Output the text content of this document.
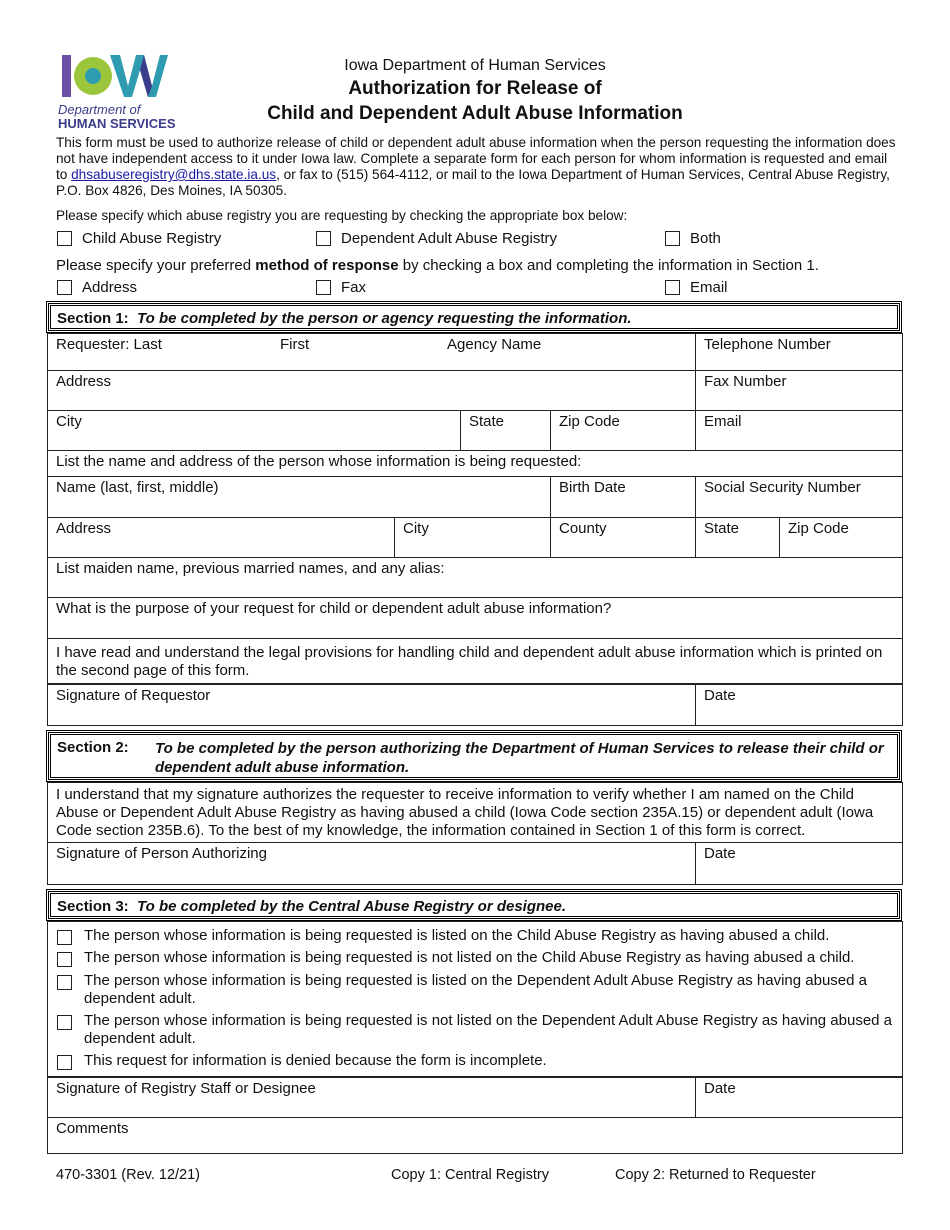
Department of
HUMAN SERVICES
Iowa Department of Human Services
Authorization for Release of
Child and Dependent Adult Abuse Information
This form must be used to authorize release of child or dependent adult abuse information when the person requesting the information does not have independent access to it under Iowa law. Complete a separate form for each person for whom information is requested and email to dhsabuseregistry@dhs.state.ia.us, or fax to (515) 564-4112, or mail to the Iowa Department of Human Services, Central Abuse Registry, P.O. Box 4826, Des Moines, IA 50305.
Please specify which abuse registry you are requesting by checking the appropriate box below:
Child Abuse Registry	Dependent Adult Abuse Registry	Both
Please specify your preferred method of response by checking a box and completing the information in Section 1.
Address	Fax	Email
Section 1: To be completed by the person or agency requesting the information.
Requester: Last	First	Agency Name	Telephone Number
Address	Fax Number
City	State	Zip Code	Email
List the name and address of the person whose information is being requested:
Name (last, first, middle)	Birth Date	Social Security Number
Address	City	County	State	Zip Code
List maiden name, previous married names, and any alias:
What is the purpose of your request for child or dependent adult abuse information?
I have read and understand the legal provisions for handling child and dependent adult abuse information which is printed on the second page of this form.
Signature of Requestor	Date
Section 2: To be completed by the person authorizing the Department of Human Services to release their child or dependent adult abuse information.
I understand that my signature authorizes the requester to receive information to verify whether I am named on the Child Abuse or Dependent Adult Abuse Registry as having abused a child (Iowa Code section 235A.15) or dependent adult (Iowa Code section 235B.6). To the best of my knowledge, the information contained in Section 1 of this form is correct.
Signature of Person Authorizing	Date
Section 3: To be completed by the Central Abuse Registry or designee.
The person whose information is being requested is listed on the Child Abuse Registry as having abused a child.
The person whose information is being requested is not listed on the Child Abuse Registry as having abused a child.
The person whose information is being requested is listed on the Dependent Adult Abuse Registry as having abused a dependent adult.
The person whose information is being requested is not listed on the Dependent Adult Abuse Registry as having abused a dependent adult.
This request for information is denied because the form is incomplete.
Signature of Registry Staff or Designee	Date
Comments
470-3301 (Rev. 12/21)	Copy 1: Central Registry	Copy 2: Returned to Requester
